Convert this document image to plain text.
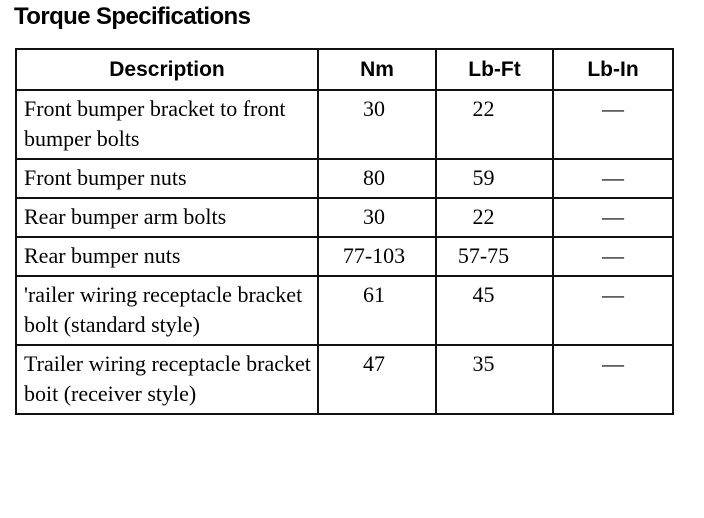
Torque Specifications
Description	Nm	Lb-Ft	Lb-In
Front bumper bracket to front bumper bolts	30	22	—
Front bumper nuts	80	59	—
Rear bumper arm bolts	30	22	—
Rear bumper nuts	77-103	57-75	—
'railer wiring receptacle bracket bolt (standard style)	61	45	—
Trailer wiring receptacle bracket boit (receiver style)	47	35	—
